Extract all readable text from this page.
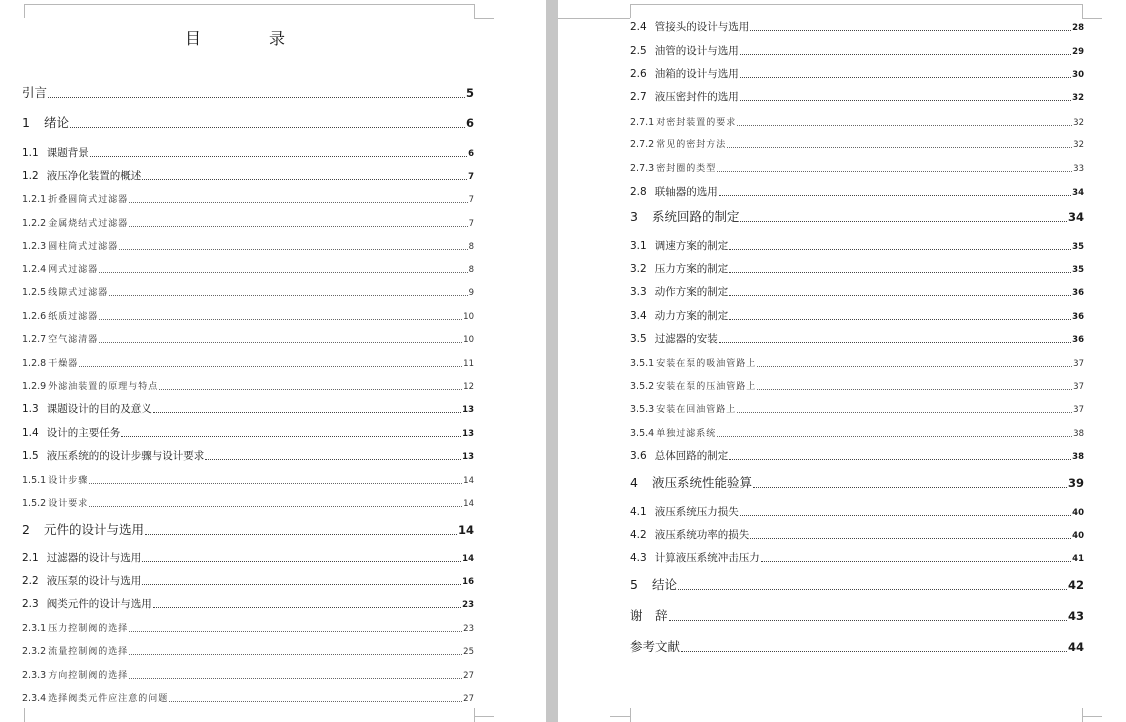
目　录
引言	5
1 绪论	6
1.1 课题背景	6
1.2 液压净化装置的概述	7
1.2.1 折叠圆筒式过滤器	7
1.2.2 金属烧结式过滤器	7
1.2.3 圆柱筒式过滤器	8
1.2.4 网式过滤器	8
1.2.5 线隙式过滤器	9
1.2.6 纸质过滤器	10
1.2.7 空气滤清器	10
1.2.8 干燥器	11
1.2.9 外滤油装置的原理与特点	12
1.3 课题设计的目的及意义	13
1.4 设计的主要任务	13
1.5 液压系统的的设计步骤与设计要求	13
1.5.1 设计步骤	14
1.5.2 设计要求	14
2 元件的设计与选用	14
2.1 过滤器的设计与选用	14
2.2 液压泵的设计与选用	16
2.3 阀类元件的设计与选用	23
2.3.1 压力控制阀的选择	23
2.3.2 流量控制阀的选择	25
2.3.3 方向控制阀的选择	27
2.3.4 选择阀类元件应注意的问题	27
2.4 管接头的设计与选用	28
2.5 油管的设计与选用	29
2.6 油箱的设计与选用	30
2.7 液压密封件的选用	32
2.7.1 对密封装置的要求	32
2.7.2 常见的密封方法	32
2.7.3 密封圈的类型	33
2.8 联轴器的选用	34
3 系统回路的制定	34
3.1 调速方案的制定	35
3.2 压力方案的制定	35
3.3 动作方案的制定	36
3.4 动力方案的制定	36
3.5 过滤器的安装	36
3.5.1 安装在泵的吸油管路上	37
3.5.2 安装在泵的压油管路上	37
3.5.3 安装在回油管路上	37
3.5.4 单独过滤系统	38
3.6 总体回路的制定	38
4 液压系统性能验算	39
4.1 液压系统压力损失	40
4.2 液压系统功率的损失	40
4.3 计算液压系统冲击压力	41
5 结论	42
谢　辞	43
参考文献	44
